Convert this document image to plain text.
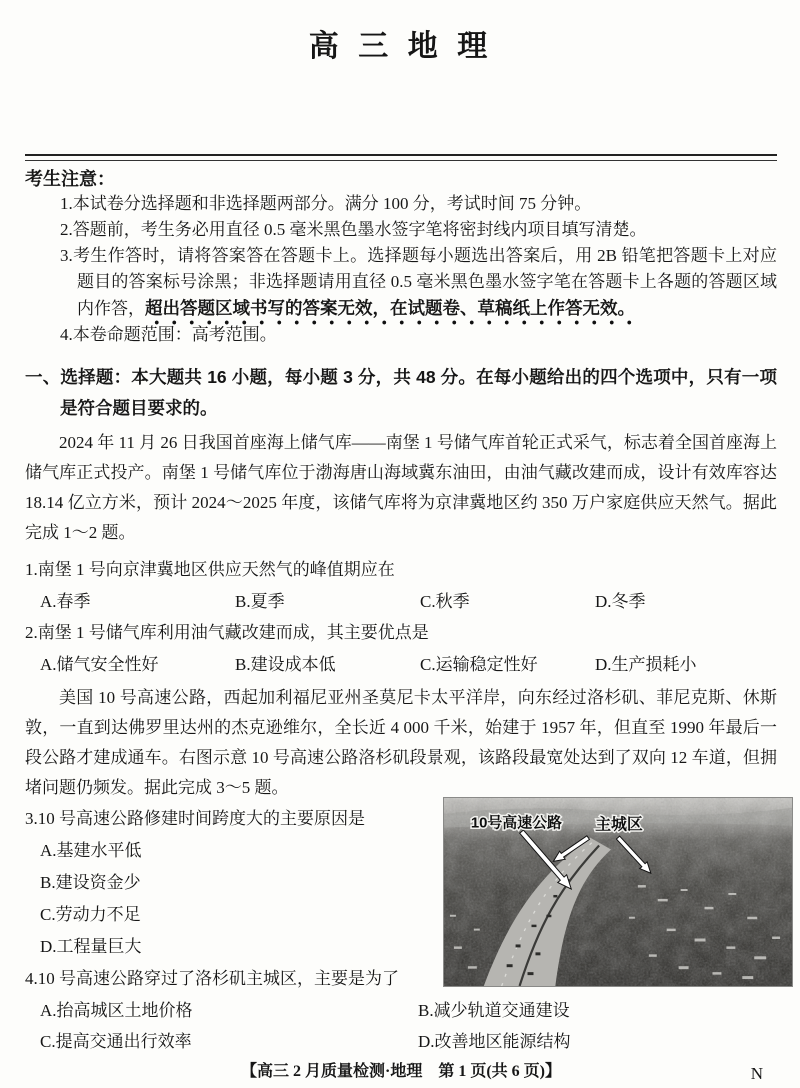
高 三 地 理
考生注意：

1.本试卷分选择题和非选择题两部分。满分 100 分，考试时间 75 分钟。

2.答题前，考生务必用直径 0.5 毫米黑色墨水签字笔将密封线内项目填写清楚。

3.考生作答时，请将答案答在答题卡上。选择题每小题选出答案后，用 2B 铅笔把答题卡上对应题目的答案标号涂黑；非选择题请用直径 0.5 毫米黑色墨水签字笔在答题卡上各题的答题区域内作答，超出答题区域书写的答案无效，在试题卷、草稿纸上作答无效。

4.本卷命题范围：高考范围。

一、选择题：本大题共 16 小题，每小题 3 分，共 48 分。在每小题给出的四个选项中，只有一项是符合题目要求的。

2024 年 11 月 26 日我国首座海上储气库——南堡 1 号储气库首轮正式采气，标志着全国首座海上储气库正式投产。南堡 1 号储气库位于渤海唐山海域冀东油田，由油气藏改建而成，设计有效库容达 18.14 亿立方米，预计 2024～2025 年度，该储气库将为京津冀地区约 350 万户家庭供应天然气。据此完成 1～2 题。

1.南堡 1 号向京津冀地区供应天然气的峰值期应在

A.春季	B.夏季	C.秋季	D.冬季

2.南堡 1 号储气库利用油气藏改建而成，其主要优点是

A.储气安全性好	B.建设成本低	C.运输稳定性好	D.生产损耗小

美国 10 号高速公路，西起加利福尼亚州圣莫尼卡太平洋岸，向东经过洛杉矶、菲尼克斯、休斯敦，一直到达佛罗里达州的杰克逊维尔，全长近 4 000 千米，始建于 1957 年，但直至 1990 年最后一段公路才建成通车。右图示意 10 号高速公路洛杉矶段景观，该路段最宽处达到了双向 12 车道，但拥堵问题仍频发。据此完成 3～5 题。

10号高速公路 主城区

3.10 号高速公路修建时间跨度大的主要原因是

A.基建水平低

B.建设资金少

C.劳动力不足

D.工程量巨大

4.10 号高速公路穿过了洛杉矶主城区，主要是为了

A.抬高城区土地价格	B.减少轨道交通建设
C.提高交通出行效率	D.改善地区能源结构
【高三 2 月质量检测·地理　第 1 页(共 6 页)】	N
